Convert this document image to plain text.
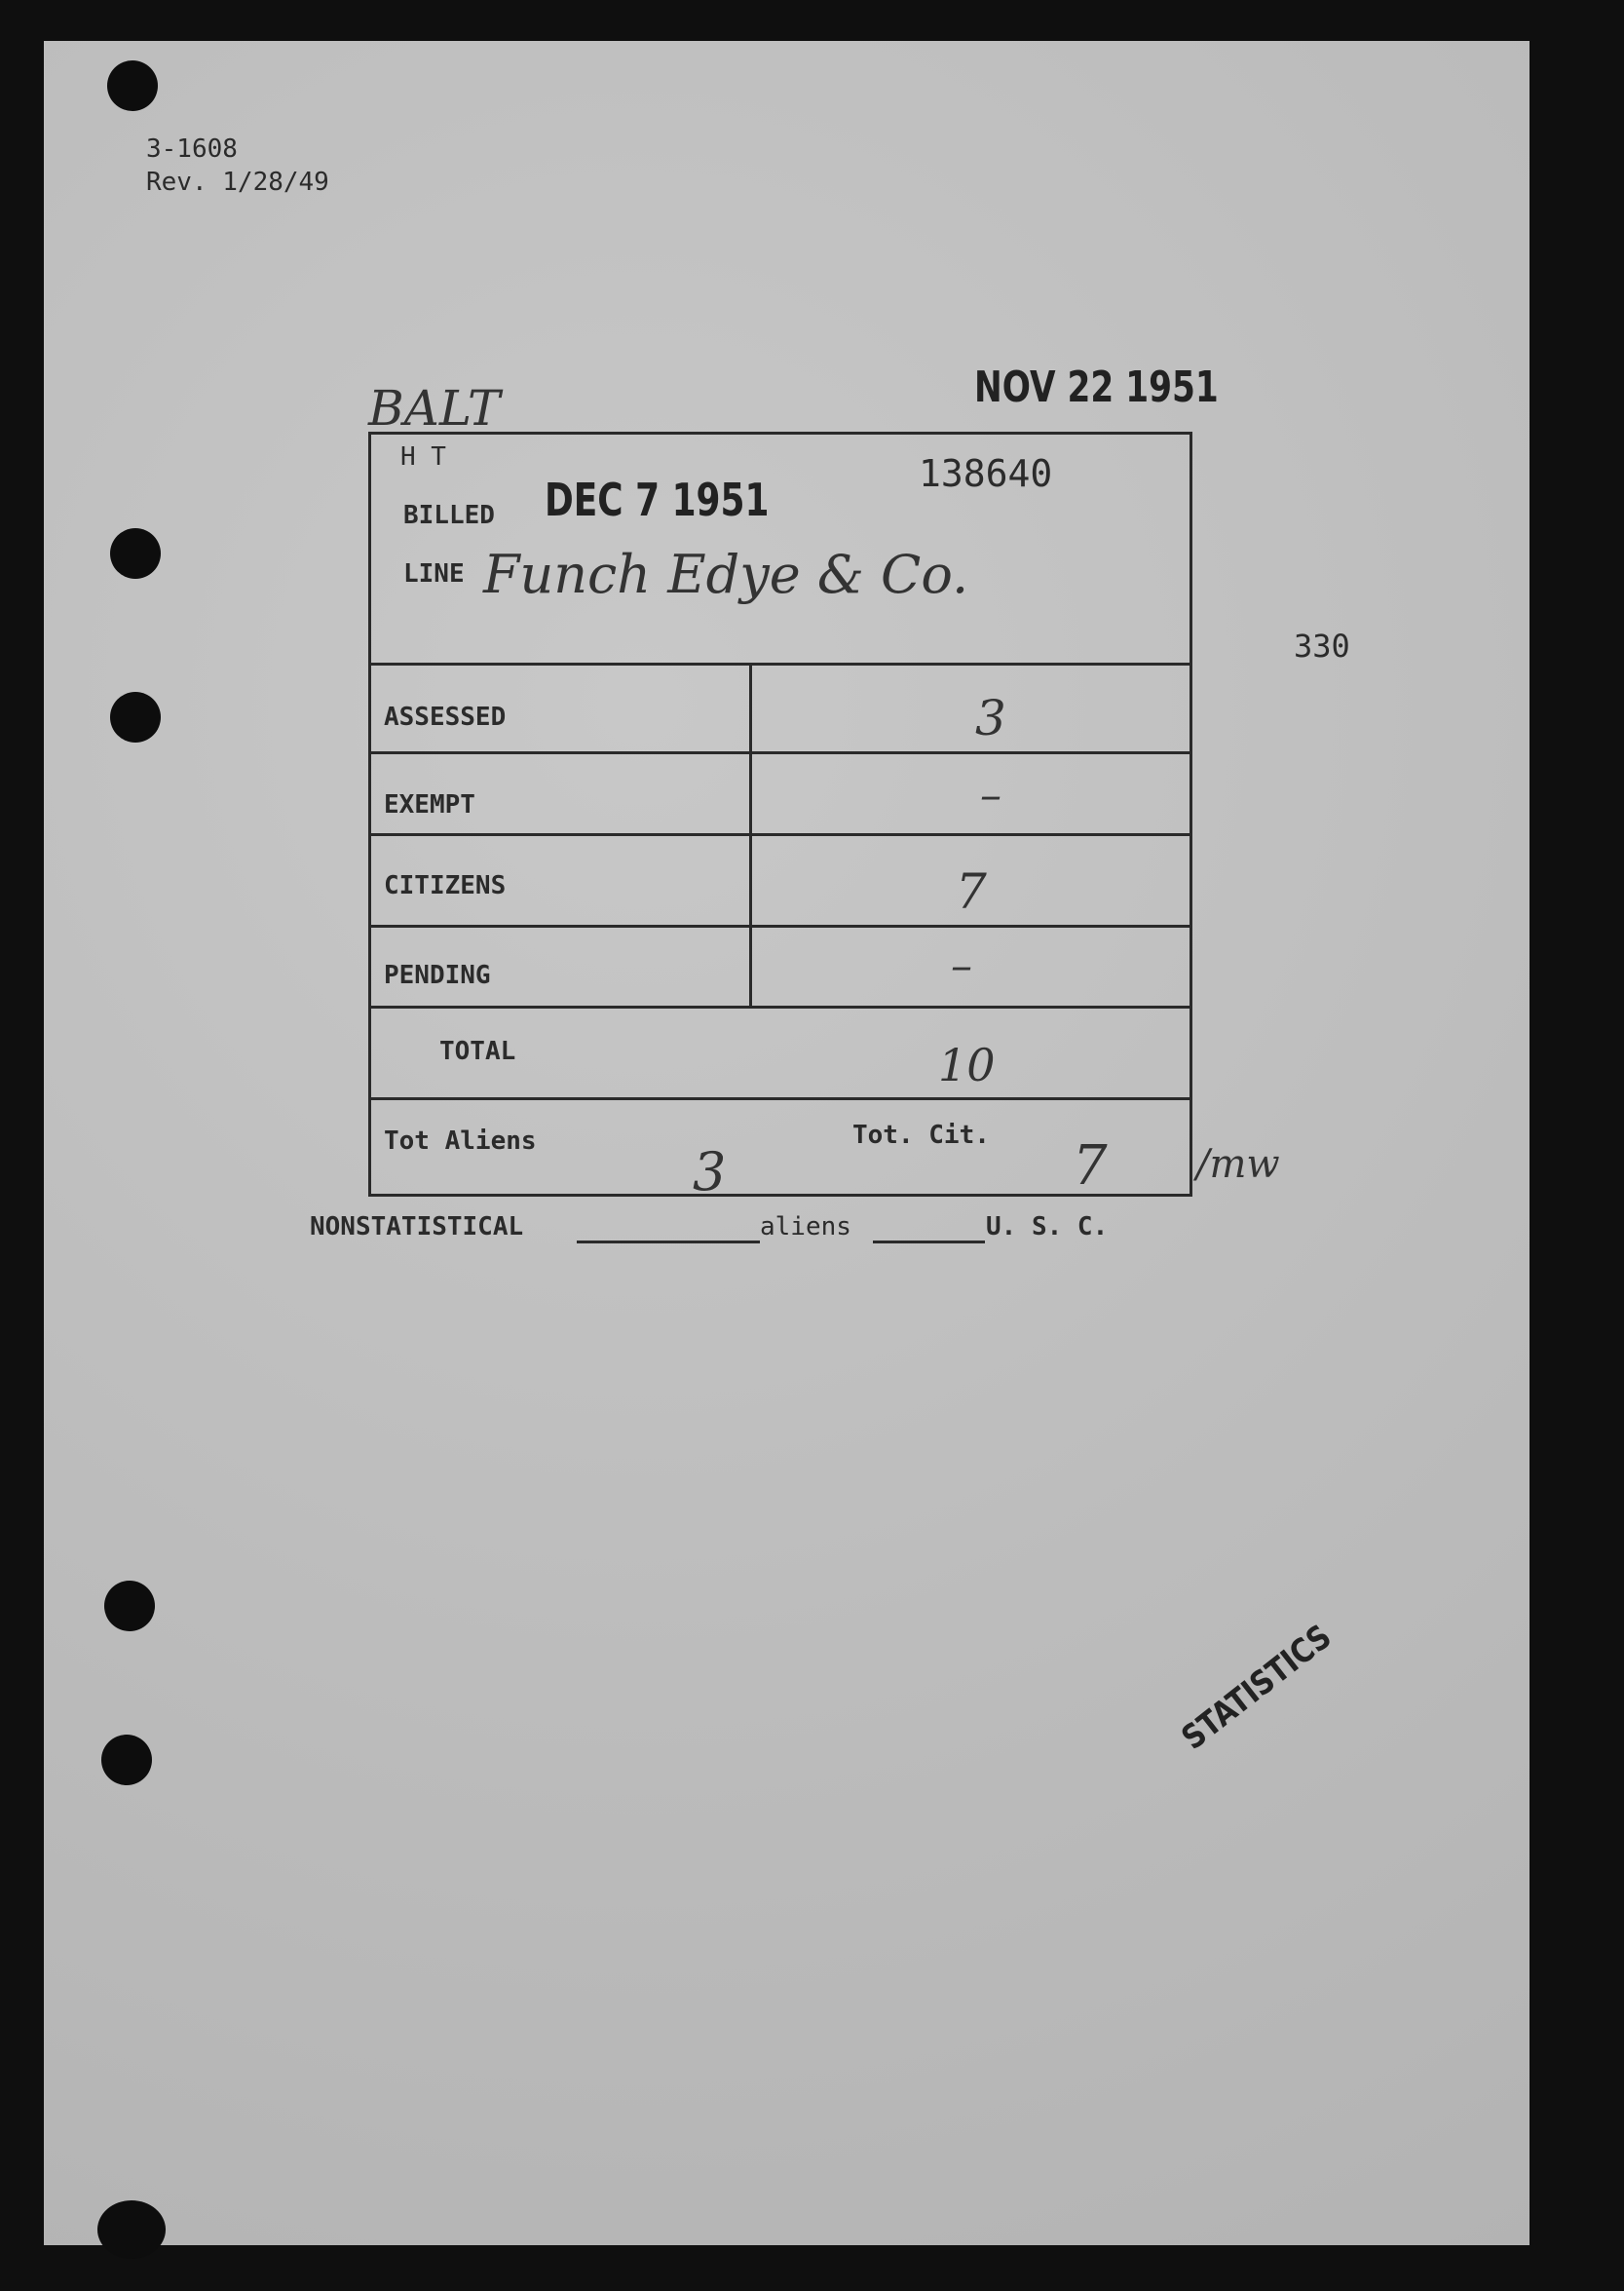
3-1608
Rev. 1/28/49
BALT	NOV 22 1951
H T
BILLED DEC 7 1951	138640
LINE Funch Edye & Co.
ASSESSED	3
EXEMPT	–
CITIZENS	7
PENDING	–
TOTAL	10
Tot Aliens	3
Tot. Cit. 7 /mw
330
NONSTATISTICAL	aliens	U. S. C.
STATISTICS
